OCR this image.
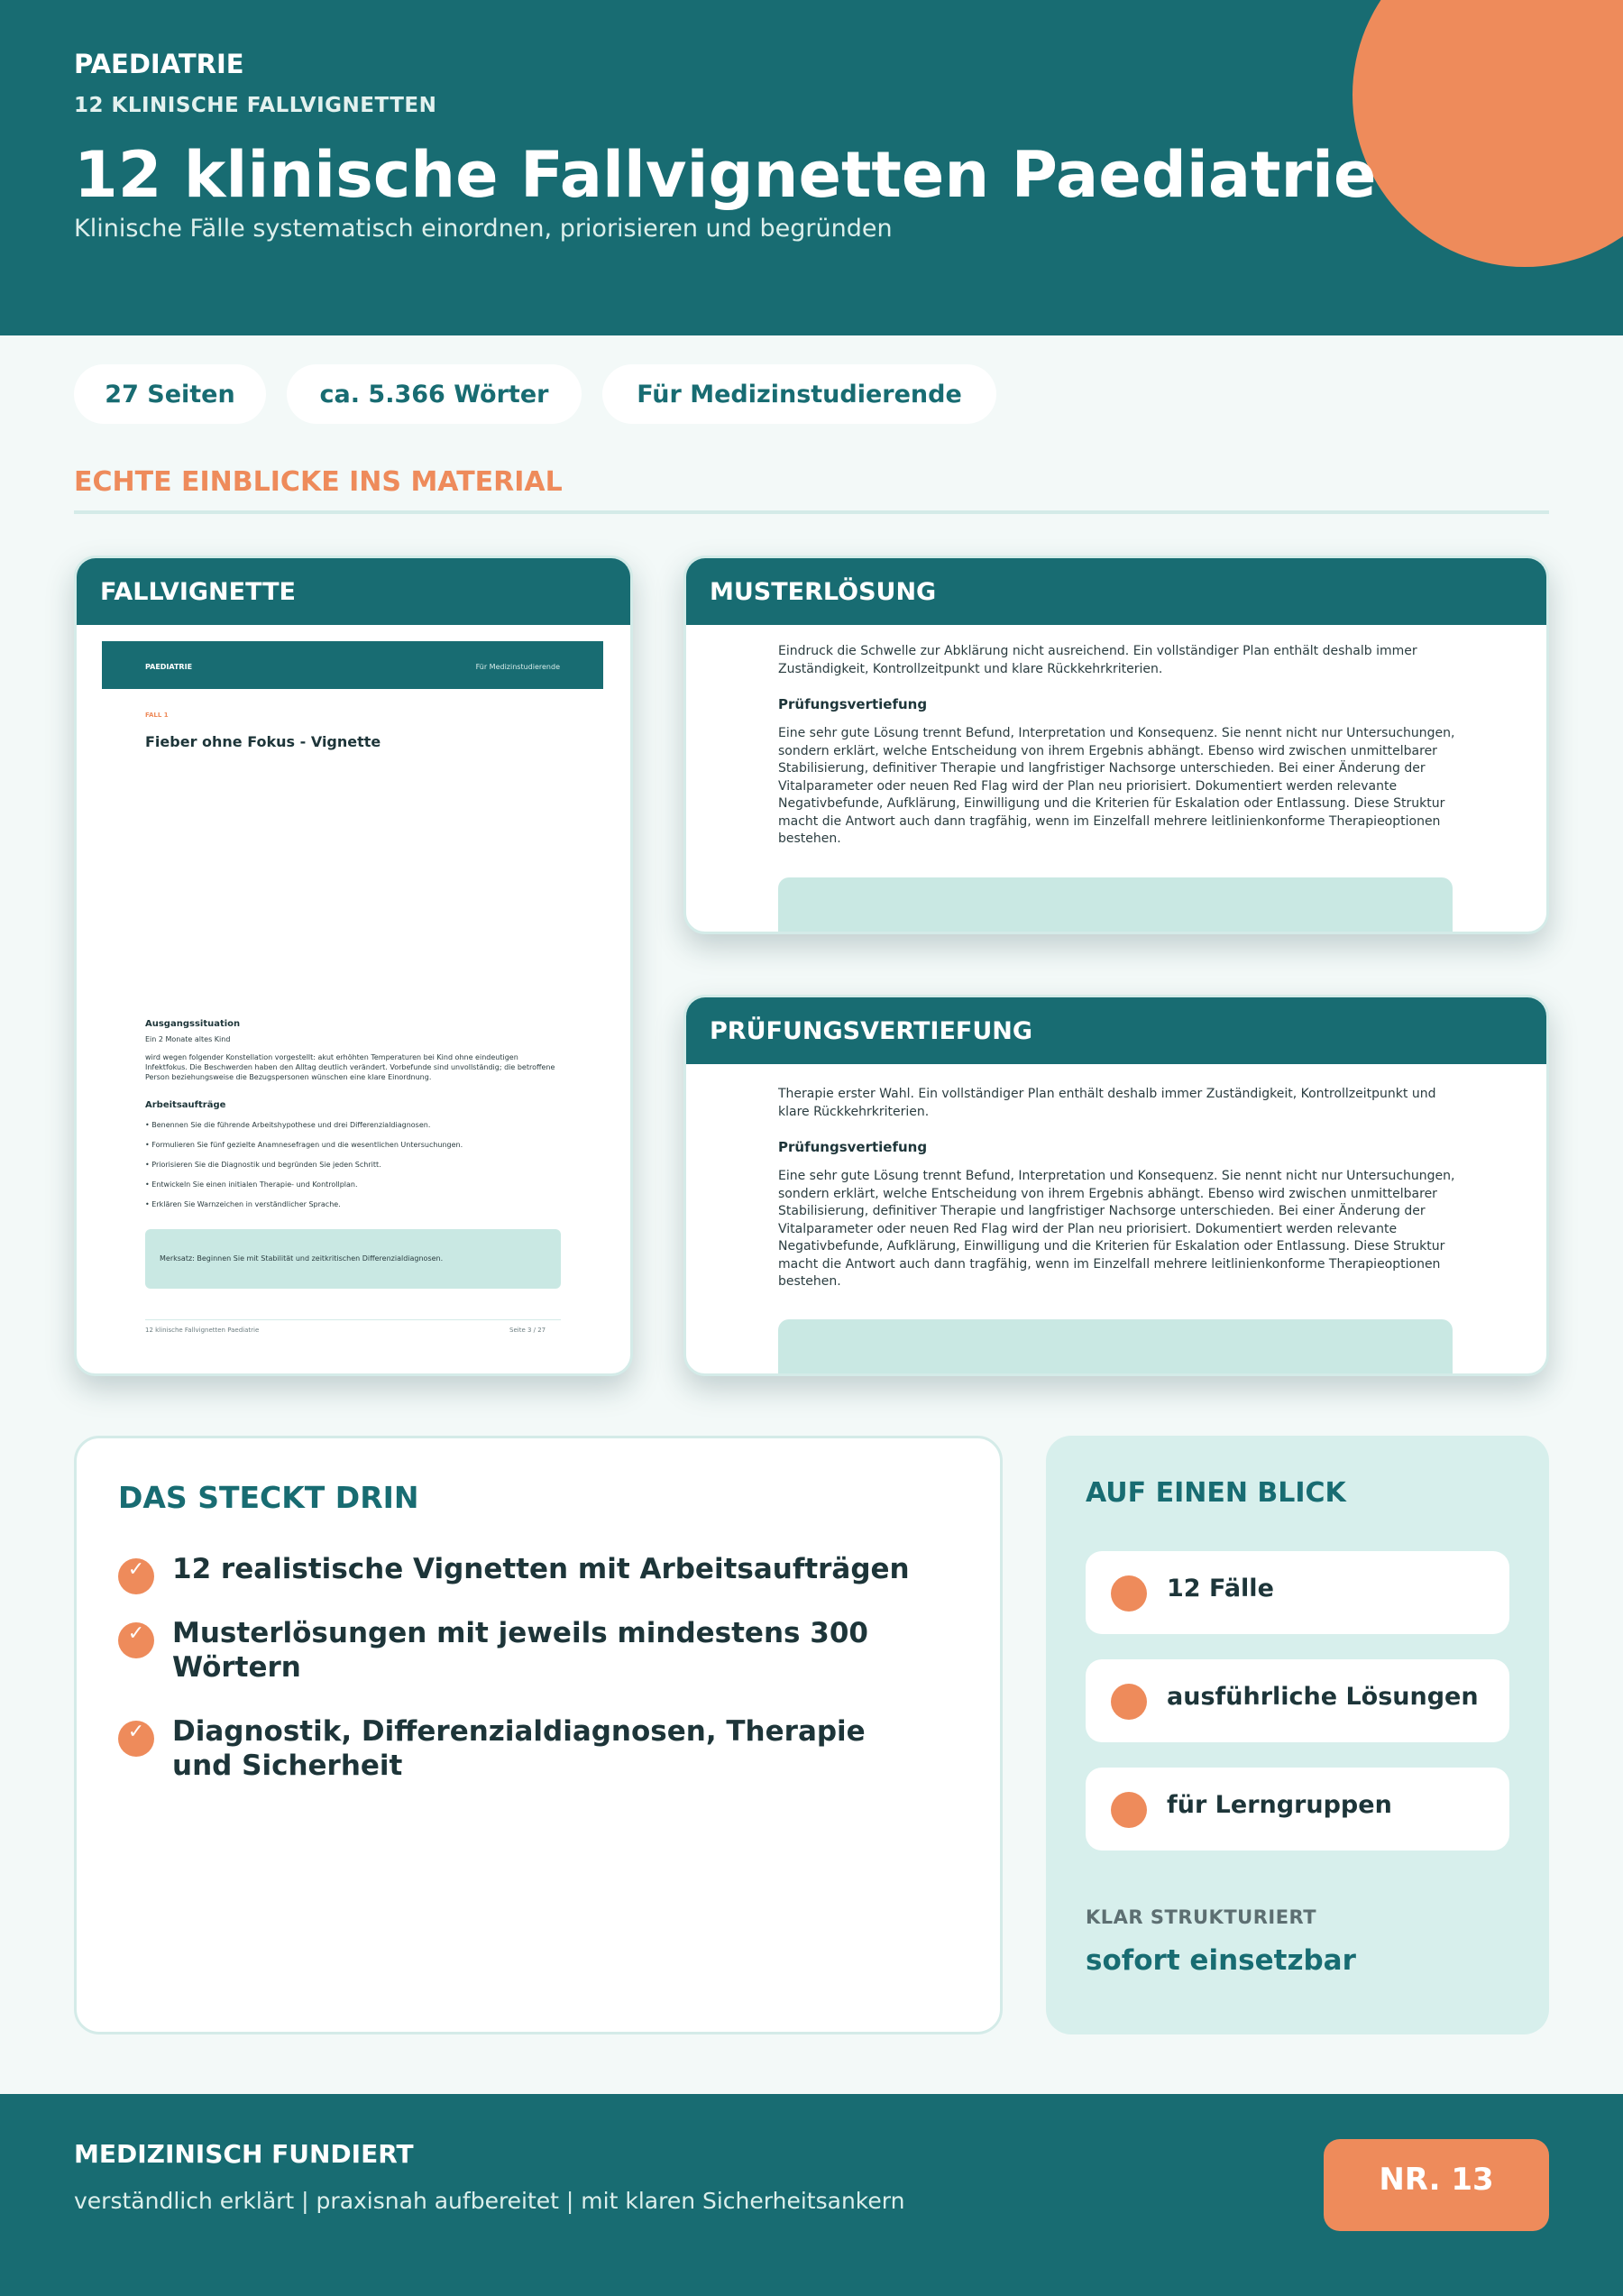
PAEDIATRIE
12 KLINISCHE FALLVIGNETTEN
12 klinische Fallvignetten Paediatrie
Klinische Fälle systematisch einordnen, priorisieren und begründen
27 Seiten	ca. 5.366 Wörter	Für Medizinstudierende
ECHTE EINBLICKE INS MATERIAL
FALLVIGNETTE
PAEDIATRIE	Für Medizinstudierende
FALL 1
Fieber ohne Fokus - Vignette
Ausgangssituation
Ein 2 Monate altes Kind
wird wegen folgender Konstellation vorgestellt: akut erhöhten Temperaturen bei Kind ohne eindeutigen Infektfokus. Die Beschwerden haben den Alltag deutlich verändert. Vorbefunde sind unvollständig; die betroffene Person beziehungsweise die Bezugspersonen wünschen eine klare Einordnung.
Arbeitsaufträge
• Benennen Sie die führende Arbeitshypothese und drei Differenzialdiagnosen.
• Formulieren Sie fünf gezielte Anamnesefragen und die wesentlichen Untersuchungen.
• Priorisieren Sie die Diagnostik und begründen Sie jeden Schritt.
• Entwickeln Sie einen initialen Therapie- und Kontrollplan.
• Erklären Sie Warnzeichen in verständlicher Sprache.
Merksatz: Beginnen Sie mit Stabilität und zeitkritischen Differenzialdiagnosen.
12 klinische Fallvignetten Paediatrie	Seite 3 / 27
MUSTERLÖSUNG
Eindruck die Schwelle zur Abklärung nicht ausreichend. Ein vollständiger Plan enthält deshalb immer Zuständigkeit, Kontrollzeitpunkt und klare Rückkehrkriterien.
Prüfungsvertiefung
Eine sehr gute Lösung trennt Befund, Interpretation und Konsequenz. Sie nennt nicht nur Untersuchungen, sondern erklärt, welche Entscheidung von ihrem Ergebnis abhängt. Ebenso wird zwischen unmittelbarer Stabilisierung, definitiver Therapie und langfristiger Nachsorge unterschieden. Bei einer Änderung der Vitalparameter oder neuen Red Flag wird der Plan neu priorisiert. Dokumentiert werden relevante Negativbefunde, Aufklärung, Einwilligung und die Kriterien für Eskalation oder Entlassung. Diese Struktur macht die Antwort auch dann tragfähig, wenn im Einzelfall mehrere leitlinienkonforme Therapieoptionen bestehen.
PRÜFUNGSVERTIEFUNG
Therapie erster Wahl. Ein vollständiger Plan enthält deshalb immer Zuständigkeit, Kontrollzeitpunkt und klare Rückkehrkriterien.
Prüfungsvertiefung
Eine sehr gute Lösung trennt Befund, Interpretation und Konsequenz. Sie nennt nicht nur Untersuchungen, sondern erklärt, welche Entscheidung von ihrem Ergebnis abhängt. Ebenso wird zwischen unmittelbarer Stabilisierung, definitiver Therapie und langfristiger Nachsorge unterschieden. Bei einer Änderung der Vitalparameter oder neuen Red Flag wird der Plan neu priorisiert. Dokumentiert werden relevante Negativbefunde, Aufklärung, Einwilligung und die Kriterien für Eskalation oder Entlassung. Diese Struktur macht die Antwort auch dann tragfähig, wenn im Einzelfall mehrere leitlinienkonforme Therapieoptionen bestehen.
DAS STECKT DRIN
✓ 12 realistische Vignetten mit Arbeitsaufträgen
✓ Musterlösungen mit jeweils mindestens 300 Wörtern
✓ Diagnostik, Differenzialdiagnosen, Therapie und Sicherheit
AUF EINEN BLICK
12 Fälle
ausführliche Lösungen
für Lerngruppen
KLAR STRUKTURIERT
sofort einsetzbar
MEDIZINISCH FUNDIERT
verständlich erklärt | praxisnah aufbereitet | mit klaren Sicherheitsankern
NR. 13
